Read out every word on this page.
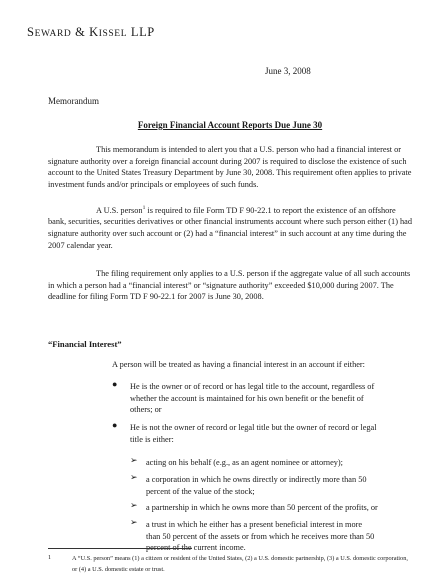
SEWARD & KISSEL LLP
June 3, 2008
Memorandum
Foreign Financial Account Reports Due June 30
This memorandum is intended to alert you that a U.S. person who had a financial interest or signature authority over a foreign financial account during 2007 is required to disclose the existence of such account to the United States Treasury Department by June 30, 2008. This requirement often applies to private investment funds and/or principals or employees of such funds.
A U.S. person$^1$ is required to file Form TD F 90-22.1 to report the existence of an offshore bank, securities, securities derivatives or other financial instruments account where such person either (1) had signature authority over such account or (2) had a “financial interest” in such account at any time during the 2007 calendar year.
The filing requirement only applies to a U.S. person if the aggregate value of all such accounts in which a person had a “financial interest” or “signature authority” exceeded $10,000 during 2007. The deadline for filing Form TD F 90-22.1 for 2007 is June 30, 2008.
“Financial Interest”
A person will be treated as having a financial interest in an account if either:
●	He is the owner or of record or has legal title to the account, regardless of whether the account is maintained for his own benefit or the benefit of others; or
●	He is not the owner of record or legal title but the owner of record or legal title is either:
➢ acting on his behalf (e.g., as an agent nominee or attorney);
➢ a corporation in which he owns directly or indirectly more than 50 percent of the value of the stock;
➢ a partnership in which he owns more than 50 percent of the profits, or
➢ a trust in which he either has a present beneficial interest in more than 50 percent of the assets or from which he receives more than 50 percent of the current income.
1	A “U.S. person” means (1) a citizen or resident of the United States, (2) a U.S. domestic partnership, (3) a U.S. domestic corporation, or (4) a U.S. domestic estate or trust.
